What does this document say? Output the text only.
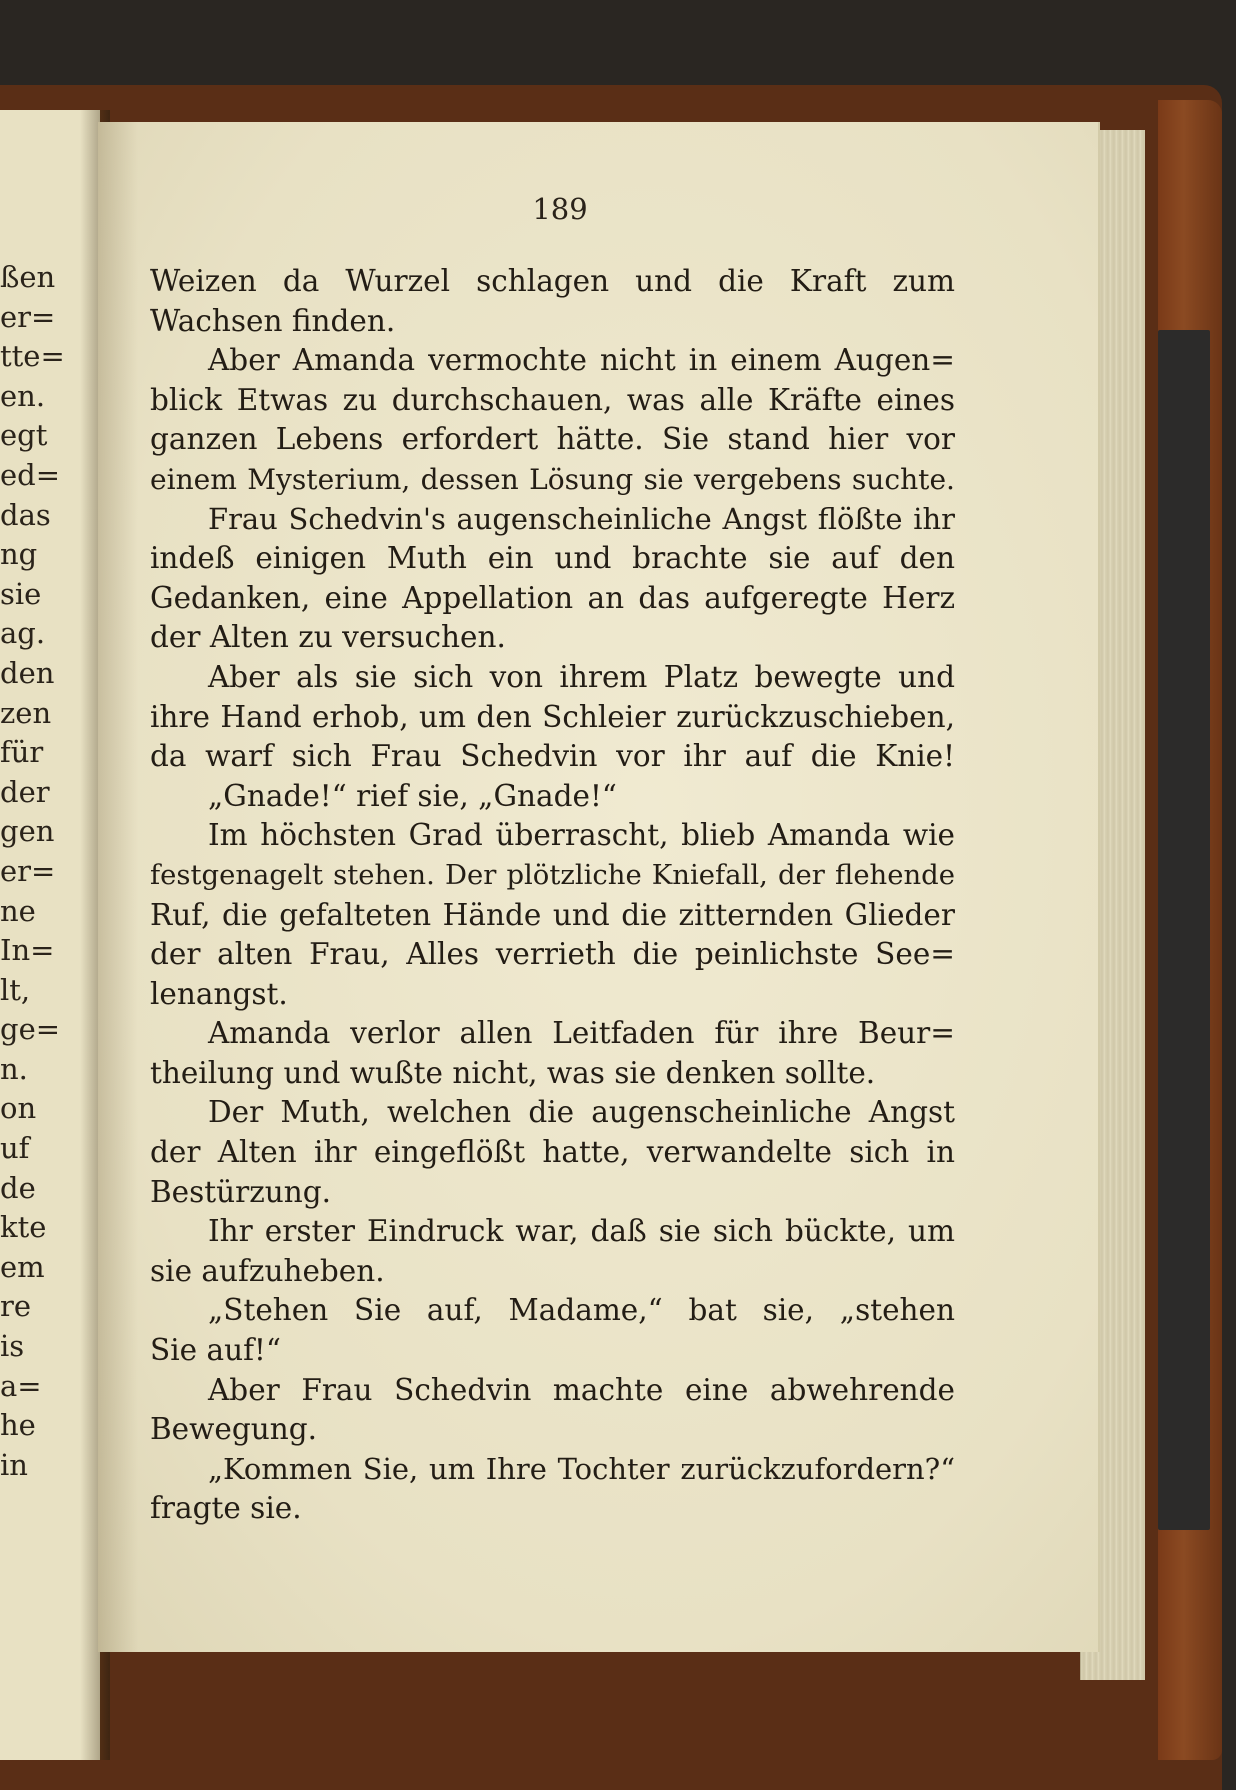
ßen
er=
tte=
en.
egt
ed=
das
ng
sie
ag.
den
zen
für
der
gen
er=
ne
In=
lt,
ge=
n.
on
uf
de
kte
em
re
is
a=
he
in
189
Weizen da Wurzel schlagen und die Kraft zum
Wachsen finden.
Aber Amanda vermochte nicht in einem Augen=
blick Etwas zu durchschauen, was alle Kräfte eines
ganzen Lebens erfordert hätte. Sie stand hier vor
einem Mysterium, dessen Lösung sie vergebens suchte.
Frau Schedvin's augenscheinliche Angst flößte ihr
indeß einigen Muth ein und brachte sie auf den
Gedanken, eine Appellation an das aufgeregte Herz
der Alten zu versuchen.
Aber als sie sich von ihrem Platz bewegte und
ihre Hand erhob, um den Schleier zurückzuschieben,
da warf sich Frau Schedvin vor ihr auf die Knie!
„Gnade!“ rief sie, „Gnade!“
Im höchsten Grad überrascht, blieb Amanda wie
festgenagelt stehen. Der plötzliche Kniefall, der flehende
Ruf, die gefalteten Hände und die zitternden Glieder
der alten Frau, Alles verrieth die peinlichste See=
lenangst.
Amanda verlor allen Leitfaden für ihre Beur=
theilung und wußte nicht, was sie denken sollte.
Der Muth, welchen die augenscheinliche Angst
der Alten ihr eingeflößt hatte, verwandelte sich in
Bestürzung.
Ihr erster Eindruck war, daß sie sich bückte, um
sie aufzuheben.
„Stehen Sie auf, Madame,“ bat sie, „stehen
Sie auf!“
Aber Frau Schedvin machte eine abwehrende
Bewegung.
„Kommen Sie, um Ihre Tochter zurückzufordern?“
fragte sie.
